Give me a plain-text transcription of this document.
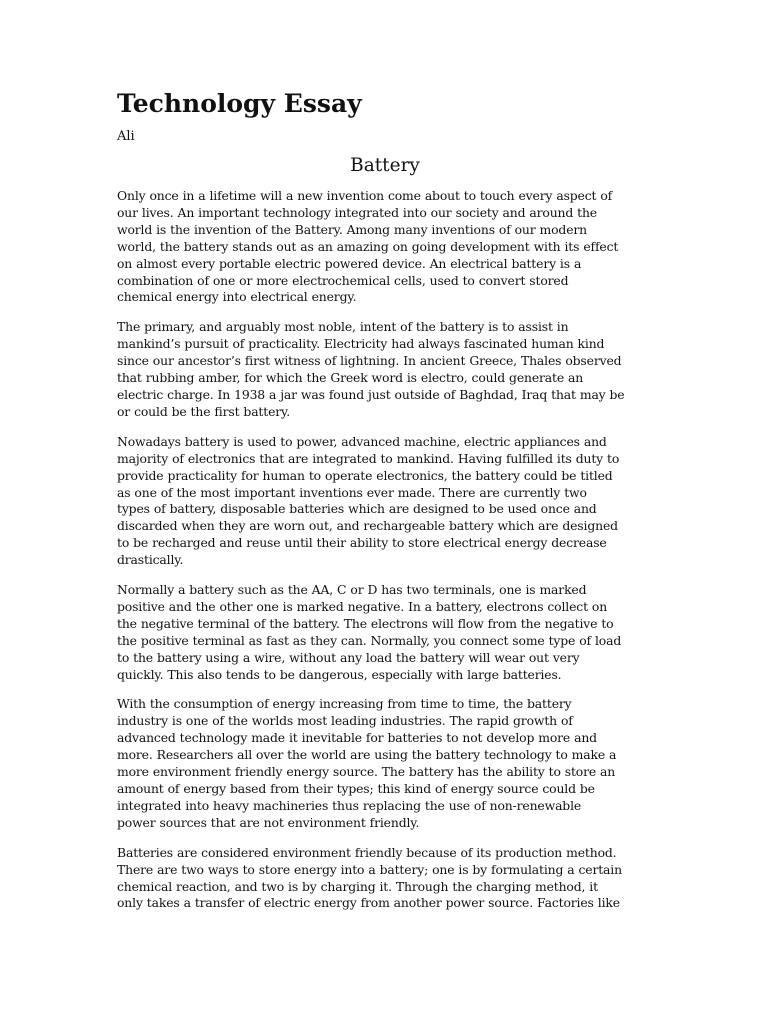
Technology Essay
Ali
Battery

Only once in a lifetime will a new invention come about to touch every aspect of
our lives. An important technology integrated into our society and around the
world is the invention of the Battery. Among many inventions of our modern
world, the battery stands out as an amazing on going development with its effect
on almost every portable electric powered device. An electrical battery is a
combination of one or more electrochemical cells, used to convert stored
chemical energy into electrical energy.

The primary, and arguably most noble, intent of the battery is to assist in
mankind’s pursuit of practicality. Electricity had always fascinated human kind
since our ancestor’s first witness of lightning. In ancient Greece, Thales observed
that rubbing amber, for which the Greek word is electro, could generate an
electric charge. In 1938 a jar was found just outside of Baghdad, Iraq that may be
or could be the first battery.

Nowadays battery is used to power, advanced machine, electric appliances and
majority of electronics that are integrated to mankind. Having fulfilled its duty to
provide practicality for human to operate electronics, the battery could be titled
as one of the most important inventions ever made. There are currently two
types of battery, disposable batteries which are designed to be used once and
discarded when they are worn out, and rechargeable battery which are designed
to be recharged and reuse until their ability to store electrical energy decrease
drastically.

Normally a battery such as the AA, C or D has two terminals, one is marked
positive and the other one is marked negative. In a battery, electrons collect on
the negative terminal of the battery. The electrons will flow from the negative to
the positive terminal as fast as they can. Normally, you connect some type of load
to the battery using a wire, without any load the battery will wear out very
quickly. This also tends to be dangerous, especially with large batteries.

With the consumption of energy increasing from time to time, the battery
industry is one of the worlds most leading industries. The rapid growth of
advanced technology made it inevitable for batteries to not develop more and
more. Researchers all over the world are using the battery technology to make a
more environment friendly energy source. The battery has the ability to store an
amount of energy based from their types; this kind of energy source could be
integrated into heavy machineries thus replacing the use of non-renewable
power sources that are not environment friendly.

Batteries are considered environment friendly because of its production method.
There are two ways to store energy into a battery; one is by formulating a certain
chemical reaction, and two is by charging it. Through the charging method, it
only takes a transfer of electric energy from another power source. Factories like
